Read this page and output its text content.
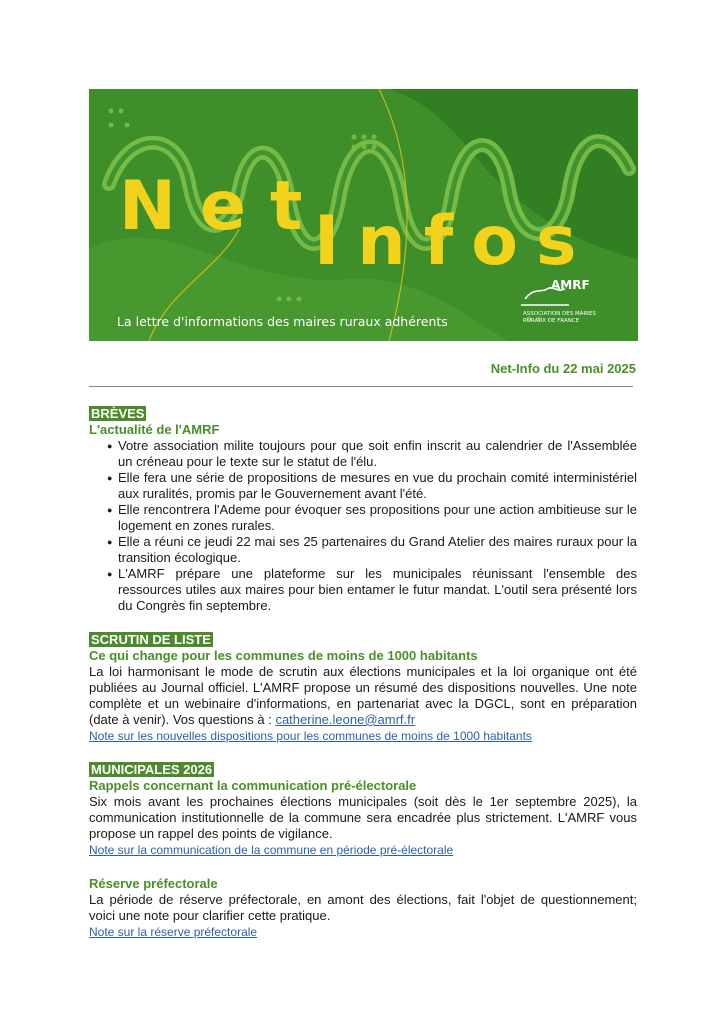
Net
Infos
La lettre d'informations des maires ruraux adhérents
AMRF
ASSOCIATION DES MAIRES
RURAUX DE FRANCE
Net-Info du 22 mai 2025
BRÈVES
L'actualité de l'AMRF
● Votre association milite toujours pour que soit enfin inscrit au calendrier de l'Assemblée un créneau pour le texte sur le statut de l'élu.
● Elle fera une série de propositions de mesures en vue du prochain comité interministériel aux ruralités, promis par le Gouvernement avant l'été.
● Elle rencontrera l'Ademe pour évoquer ses propositions pour une action ambitieuse sur le logement en zones rurales.
● Elle a réuni ce jeudi 22 mai ses 25 partenaires du Grand Atelier des maires ruraux pour la transition écologique.
● L'AMRF prépare une plateforme sur les municipales réunissant l'ensemble des ressources utiles aux maires pour bien entamer le futur mandat. L'outil sera présenté lors du Congrès fin septembre.
SCRUTIN DE LISTE
Ce qui change pour les communes de moins de 1000 habitants
La loi harmonisant le mode de scrutin aux élections municipales et la loi organique ont été publiées au Journal officiel. L'AMRF propose un résumé des dispositions nouvelles. Une note complète et un webinaire d'informations, en partenariat avec la DGCL, sont en préparation (date à venir). Vos questions à : catherine.leone@amrf.fr
Note sur les nouvelles dispositions pour les communes de moins de 1000 habitants
MUNICIPALES 2026
Rappels concernant la communication pré-électorale
Six mois avant les prochaines élections municipales (soit dès le 1er septembre 2025), la communication institutionnelle de la commune sera encadrée plus strictement. L'AMRF vous propose un rappel des points de vigilance.
Note sur la communication de la commune en période pré-électorale
Réserve préfectorale
La période de réserve préfectorale, en amont des élections, fait l'objet de questionnement; voici une note pour clarifier cette pratique.
Note sur la réserve préfectorale
